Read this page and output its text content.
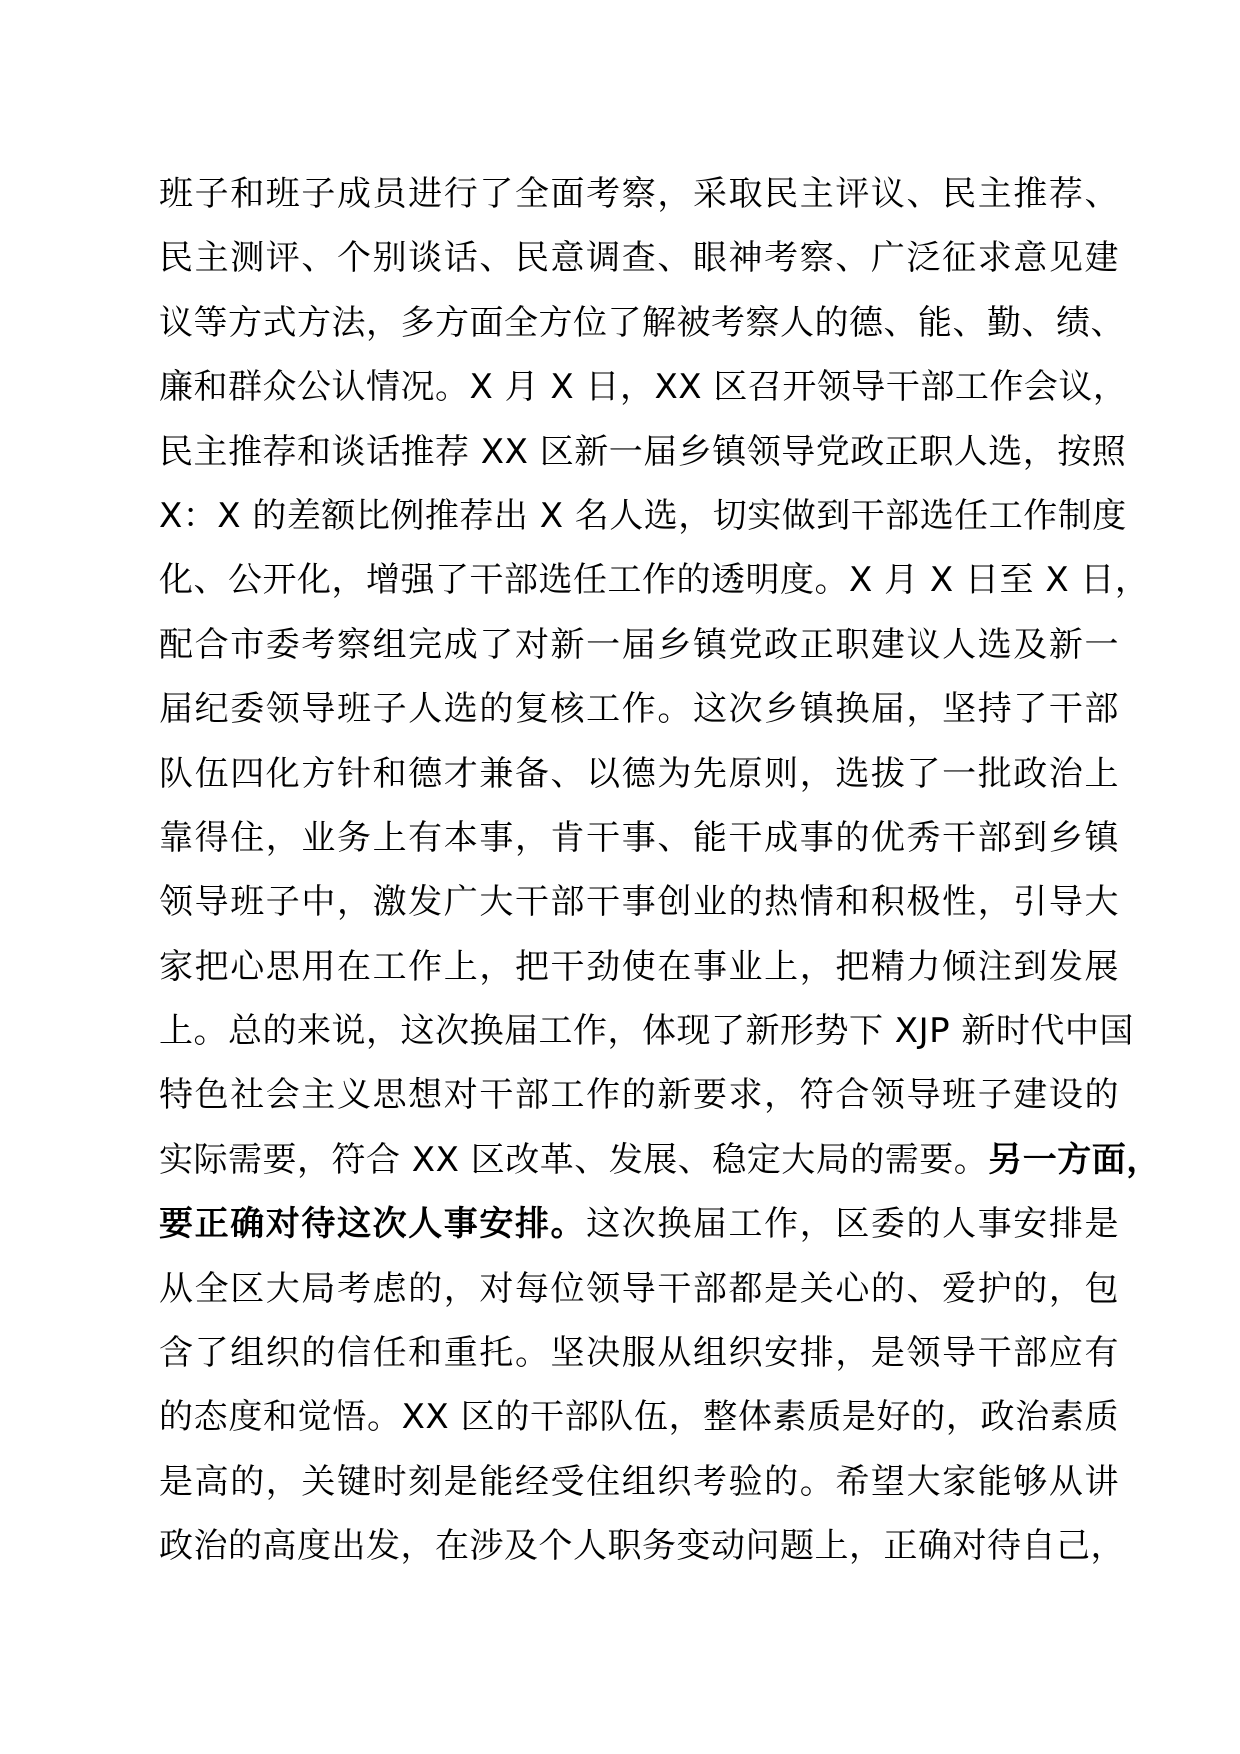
班子和班子成员进行了全面考察，采取民主评议、民主推荐、
民主测评、个别谈话、民意调查、眼神考察、广泛征求意见建
议等方式方法，多方面全方位了解被考察人的德、能、勤、绩、
廉和群众公认情况。X 月 X 日，XX 区召开领导干部工作会议，
民主推荐和谈话推荐 XX 区新一届乡镇领导党政正职人选，按照
X：X 的差额比例推荐出 X 名人选，切实做到干部选任工作制度
化、公开化，增强了干部选任工作的透明度。X 月 X 日至 X 日，
配合市委考察组完成了对新一届乡镇党政正职建议人选及新一
届纪委领导班子人选的复核工作。这次乡镇换届，坚持了干部
队伍四化方针和德才兼备、以德为先原则，选拔了一批政治上
靠得住，业务上有本事，肯干事、能干成事的优秀干部到乡镇
领导班子中，激发广大干部干事创业的热情和积极性，引导大
家把心思用在工作上，把干劲使在事业上，把精力倾注到发展
上。总的来说，这次换届工作，体现了新形势下 XJP 新时代中国
特色社会主义思想对干部工作的新要求，符合领导班子建设的
实际需要，符合 XX 区改革、发展、稳定大局的需要。另一方面，
要正确对待这次人事安排。这次换届工作，区委的人事安排是
从全区大局考虑的，对每位领导干部都是关心的、爱护的，包
含了组织的信任和重托。坚决服从组织安排，是领导干部应有
的态度和觉悟。XX 区的干部队伍，整体素质是好的，政治素质
是高的，关键时刻是能经受住组织考验的。希望大家能够从讲
政治的高度出发，在涉及个人职务变动问题上，正确对待自己，
